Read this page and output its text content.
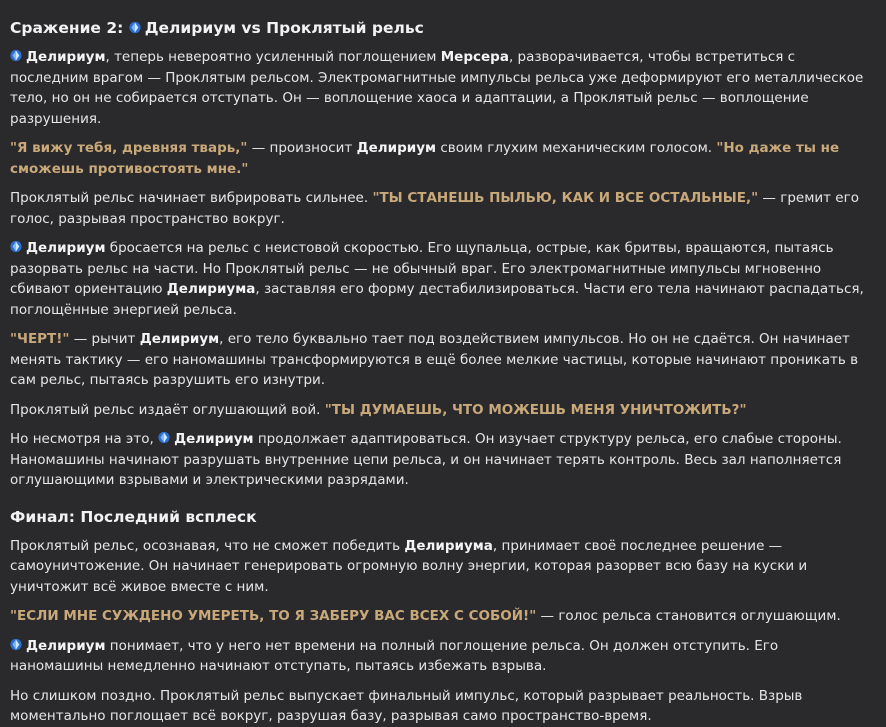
Сражение 2:
Делириум vs Проклятый рельс

Делириум, теперь невероятно усиленный поглощением Мерсера, разворачивается, чтобы встретиться с последним врагом — Проклятым рельсом. Электромагнитные импульсы рельса уже деформируют его металлическое тело, но он не собирается отступать. Он — воплощение хаоса и адаптации, а Проклятый рельс — воплощение разрушения.

"Я вижу тебя, древняя тварь," — произносит Делириум своим глухим механическим голосом. "Но даже ты не сможешь противостоять мне."

Проклятый рельс начинает вибрировать сильнее. "ТЫ СТАНЕШЬ ПЫЛЬЮ, КАК И ВСЕ ОСТАЛЬНЫЕ," — гремит его голос, разрывая пространство вокруг.

Делириум бросается на рельс с неистовой скоростью. Его щупальца, острые, как бритвы, вращаются, пытаясь разорвать рельс на части. Но Проклятый рельс — не обычный враг. Его электромагнитные импульсы мгновенно сбивают ориентацию Делириума, заставляя его форму дестабилизироваться. Части его тела начинают распадаться, поглощённые энергией рельса.

"ЧЕРТ!" — рычит Делириум, его тело буквально тает под воздействием импульсов. Но он не сдаётся. Он начинает менять тактику — его наномашины трансформируются в ещё более мелкие частицы, которые начинают проникать в сам рельс, пытаясь разрушить его изнутри.

Проклятый рельс издаёт оглушающий вой. "ТЫ ДУМАЕШЬ, ЧТО МОЖЕШЬ МЕНЯ УНИЧТОЖИТЬ?"

Но несмотря на это,
Делириум продолжает адаптироваться. Он изучает структуру рельса, его слабые стороны. Наномашины начинают разрушать внутренние цепи рельса, и он начинает терять контроль. Весь зал наполняется оглушающими взрывами и электрическими разрядами.

Финал: Последний всплеск

Проклятый рельс, осознавая, что не сможет победить Делириума, принимает своё последнее решение — самоуничтожение. Он начинает генерировать огромную волну энергии, которая разорвет всю базу на куски и уничтожит всё живое вместе с ним.

"ЕСЛИ МНЕ СУЖДЕНО УМЕРЕТЬ, ТО Я ЗАБЕРУ ВАС ВСЕХ С СОБОЙ!" — голос рельса становится оглушающим.

Делириум понимает, что у него нет времени на полный поглощение рельса. Он должен отступить. Его наномашины немедленно начинают отступать, пытаясь избежать взрыва.

Но слишком поздно. Проклятый рельс выпускает финальный импульс, который разрывает реальность. Взрыв моментально поглощает всё вокруг, разрушая базу, разрывая само пространство-время.
